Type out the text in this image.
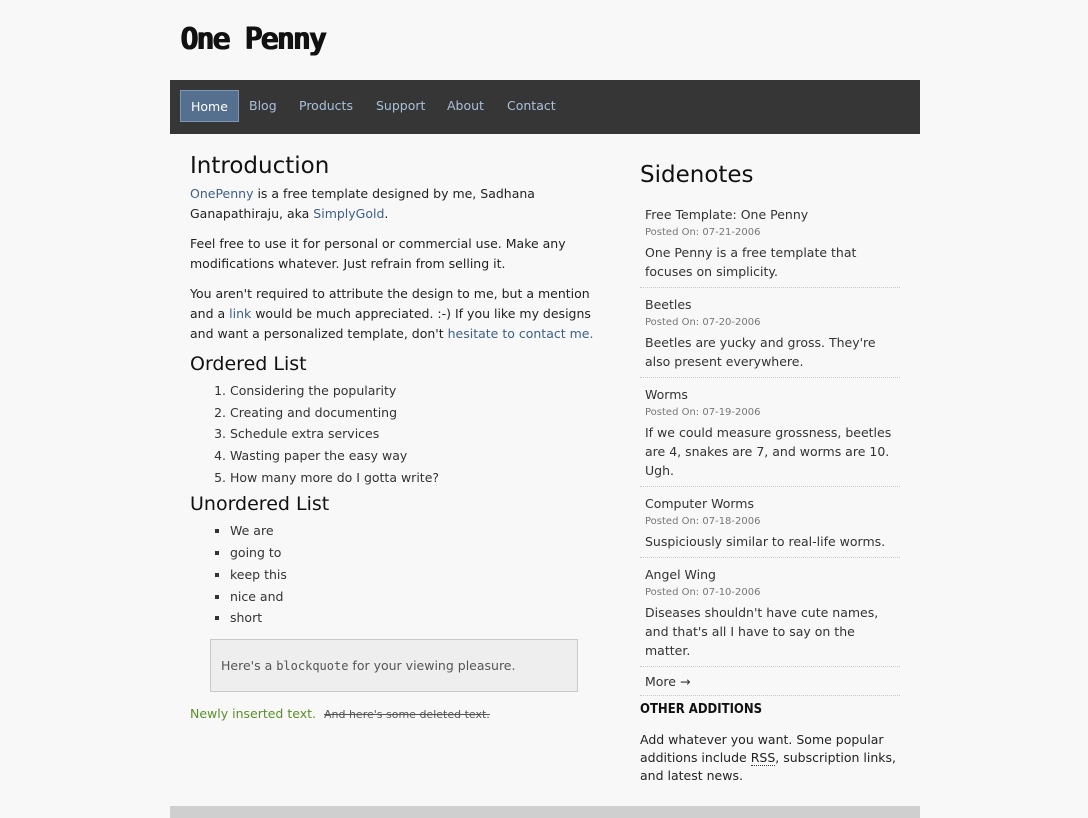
One Penny
Home	Blog Products Support About Contact
Introduction

OnePenny is a free template designed by me, Sadhana Ganapathiraju, aka SimplyGold.

Feel free to use it for personal or commercial use. Make any modifications whatever. Just refrain from selling it.

You aren't required to attribute the design to me, but a mention and a link would be much appreciated. :-) If you like my designs and want a personalized template, don't hesitate to contact me.

Ordered List
1. Considering the popularity
2. Creating and documenting
3. Schedule extra services
4. Wasting paper the easy way
5. How many more do I gotta write?
Unordered List
▪ We are
▪ going to
▪ keep this
▪ nice and
▪ short
Here's a blockquote for your viewing pleasure.
Newly inserted text. And here's some deleted text.
Sidenotes
Free Template: One Penny
Posted On: 07-21-2006
One Penny is a free template that focuses on simplicity.
Beetles
Posted On: 07-20-2006
Beetles are yucky and gross. They're also present everywhere.
Worms
Posted On: 07-19-2006
If we could measure grossness, beetles are 4, snakes are 7, and worms are 10. Ugh.
Computer Worms
Posted On: 07-18-2006
Suspiciously similar to real-life worms.
Angel Wing
Posted On: 07-10-2006
Diseases shouldn't have cute names, and that's all I have to say on the matter.
More →
OTHER ADDITIONS
Add whatever you want. Some popular additions include RSS, subscription links, and latest news.
